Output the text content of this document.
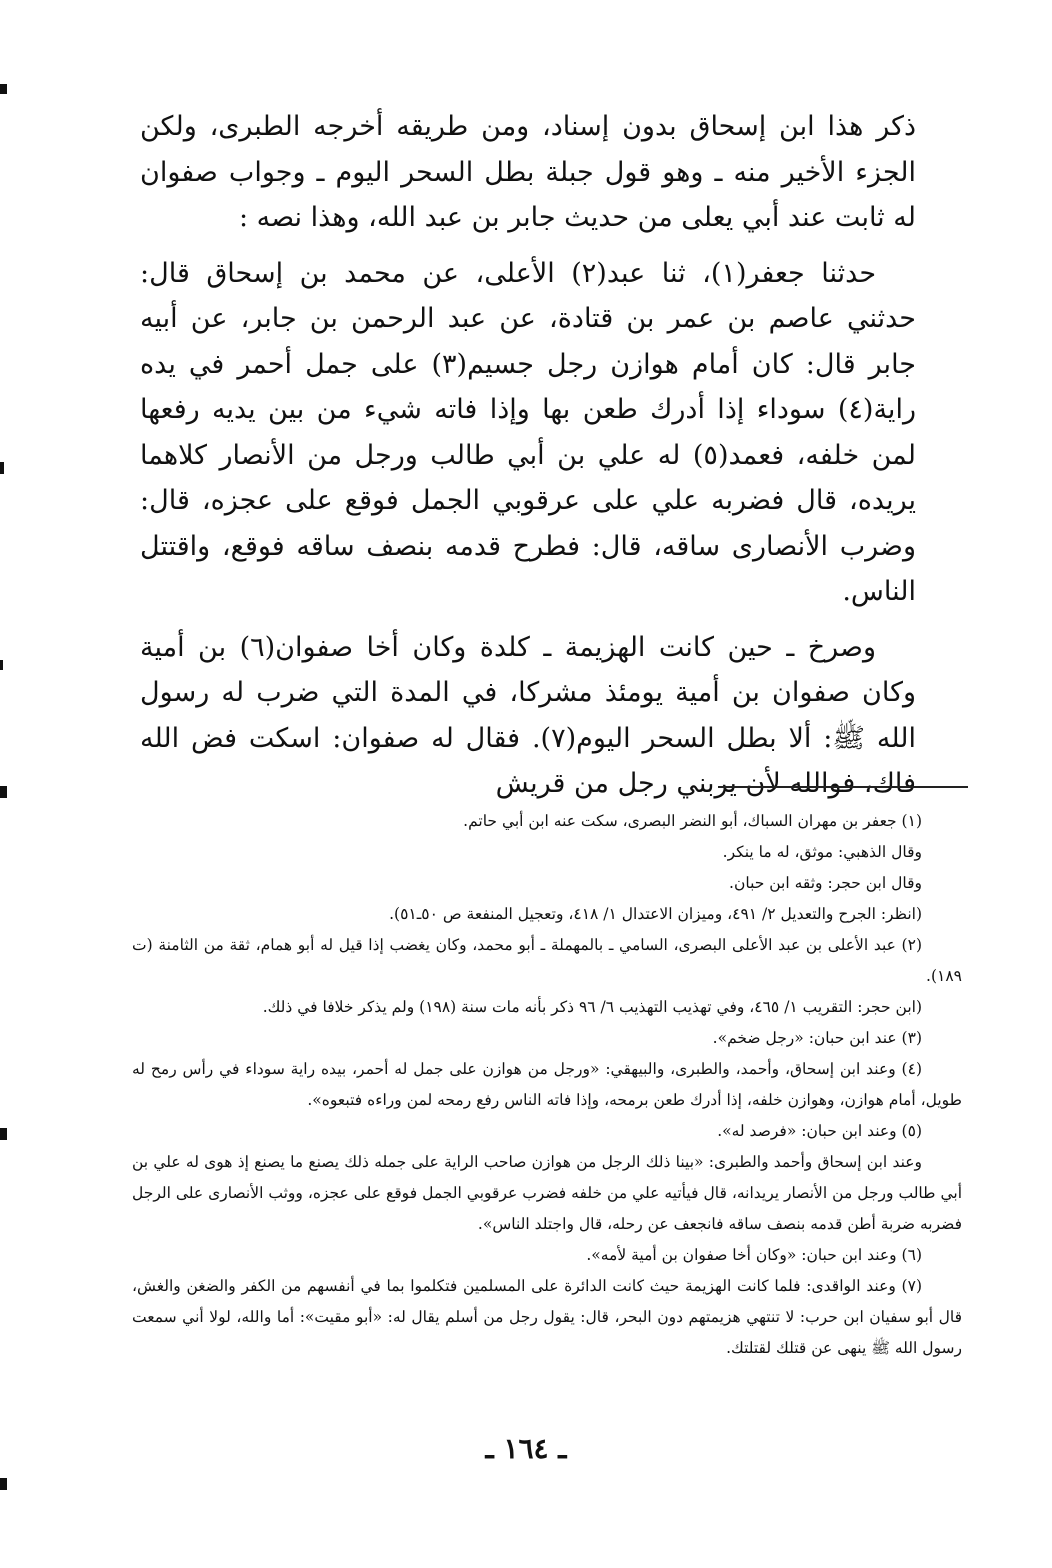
ذكر هذا ابن إسحاق بدون إسناد، ومن طريقه أخرجه الطبرى، ولكن الجزء الأخير منه ـ وهو قول جبلة بطل السحر اليوم ـ وجواب صفوان له ثابت عند أبي يعلى من حديث جابر بن عبد الله، وهذا نصه :

حدثنا جعفر(١)، ثنا عبد(٢) الأعلى، عن محمد بن إسحاق قال: حدثني عاصم بن عمر بن قتادة، عن عبد الرحمن بن جابر، عن أبيه جابر قال: كان أمام هوازن رجل جسيم(٣) على جمل أحمر في يده راية(٤) سوداء إذا أدرك طعن بها وإذا فاته شيء من بين يديه رفعها لمن خلفه، فعمد(٥) له علي بن أبي طالب ورجل من الأنصار كلاهما يريده، قال فضربه علي على عرقوبي الجمل فوقع على عجزه، قال: وضرب الأنصارى ساقه، قال: فطرح قدمه بنصف ساقه فوقع، واقتتل الناس.

وصرخ ـ حين كانت الهزيمة ـ كلدة وكان أخا صفوان(٦) بن أمية وكان صفوان بن أمية يومئذ مشركا، في المدة التي ضرب له رسول الله ﷺ: ألا بطل السحر اليوم(٧). فقال له صفوان: اسكت فض الله فاك، فوالله لأن يربني رجل من قريش

(١) جعفر بن مهران السباك، أبو النضر البصرى، سكت عنه ابن أبي حاتم.

وقال الذهبي: موثق، له ما ينكر.

وقال ابن حجر: وثقه ابن حبان.

(انظر: الجرح والتعديل ٢/ ٤٩١، وميزان الاعتدال ١/ ٤١٨، وتعجيل المنفعة ص ٥٠ـ٥١).

(٢) عبد الأعلى بن عبد الأعلى البصرى، السامي ـ بالمهملة ـ أبو محمد، وكان يغضب إذا قيل له أبو همام، ثقة من الثامنة (ت ١٨٩).

(ابن حجر: التقريب ١/ ٤٦٥، وفي تهذيب التهذيب ٦/ ٩٦ ذكر بأنه مات سنة (١٩٨) ولم يذكر خلافا في ذلك.

(٣) عند ابن حبان: «رجل ضخم».

(٤) وعند ابن إسحاق، وأحمد، والطبرى، والبيهقي: «ورجل من هوازن على جمل له أحمر، بيده راية سوداء في رأس رمح له طويل، أمام هوازن، وهوازن خلفه، إذا أدرك طعن برمحه، وإذا فاته الناس رفع رمحه لمن وراءه فتبعوه».

(٥) وعند ابن حبان: «فرصد له».

وعند ابن إسحاق وأحمد والطبرى: «بينا ذلك الرجل من هوازن صاحب الراية على جمله ذلك يصنع ما يصنع إذ هوى له علي بن أبي طالب ورجل من الأنصار يريدانه، قال فيأتيه علي من خلفه فضرب عرقوبي الجمل فوقع على عجزه، ووثب الأنصارى على الرجل فضربه ضربة أطن قدمه بنصف ساقه فانجعف عن رحله، قال واجتلد الناس».

(٦) وعند ابن حبان: «وكان أخا صفوان بن أمية لأمه».

(٧) وعند الواقدى: فلما كانت الهزيمة حيث كانت الدائرة على المسلمين فتكلموا بما في أنفسهم من الكفر والضغن والغش، قال أبو سفيان ابن حرب: لا تنتهي هزيمتهم دون البحر، قال: يقول رجل من أسلم يقال له: «أبو مقيت»: أما والله، لولا أني سمعت رسول الله ﷺ ينهى عن قتلك لقتلتك.

ـ ١٦٤ ـ
